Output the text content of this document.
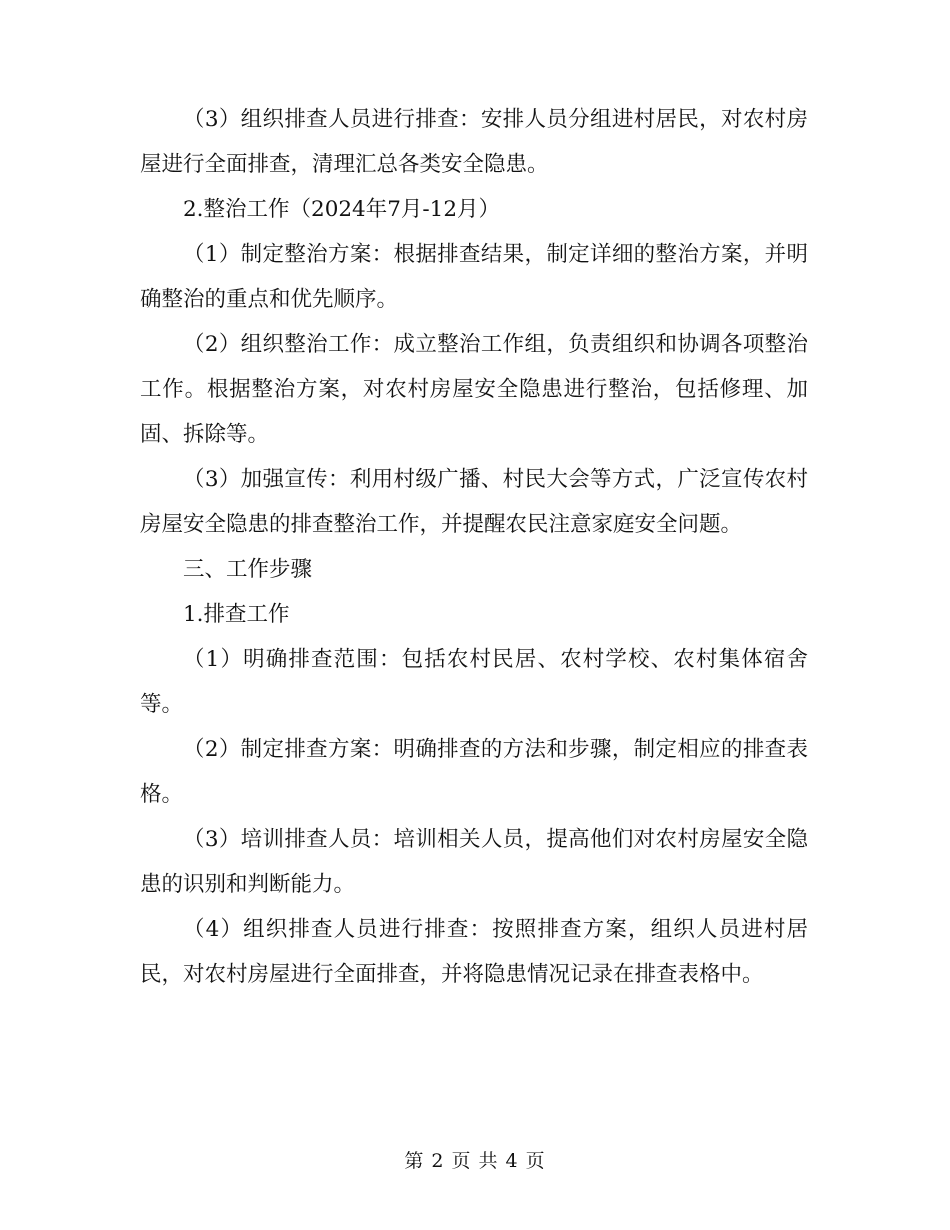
（3）组织排查人员进行排查：安排人员分组进村居民，对农村房屋进行全面排查，清理汇总各类安全隐患。

2.整治工作（2024年7月-12月）

（1）制定整治方案：根据排查结果，制定详细的整治方案，并明确整治的重点和优先顺序。

（2）组织整治工作：成立整治工作组，负责组织和协调各项整治工作。根据整治方案，对农村房屋安全隐患进行整治，包括修理、加固、拆除等。

（3）加强宣传：利用村级广播、村民大会等方式，广泛宣传农村房屋安全隐患的排查整治工作，并提醒农民注意家庭安全问题。

三、工作步骤

1.排查工作

（1）明确排查范围：包括农村民居、农村学校、农村集体宿舍等。

（2）制定排查方案：明确排查的方法和步骤，制定相应的排查表格。

（3）培训排查人员：培训相关人员，提高他们对农村房屋安全隐患的识别和判断能力。

（4）组织排查人员进行排查：按照排查方案，组织人员进村居民，对农村房屋进行全面排查，并将隐患情况记录在排查表格中。

第 2 页 共 4 页
